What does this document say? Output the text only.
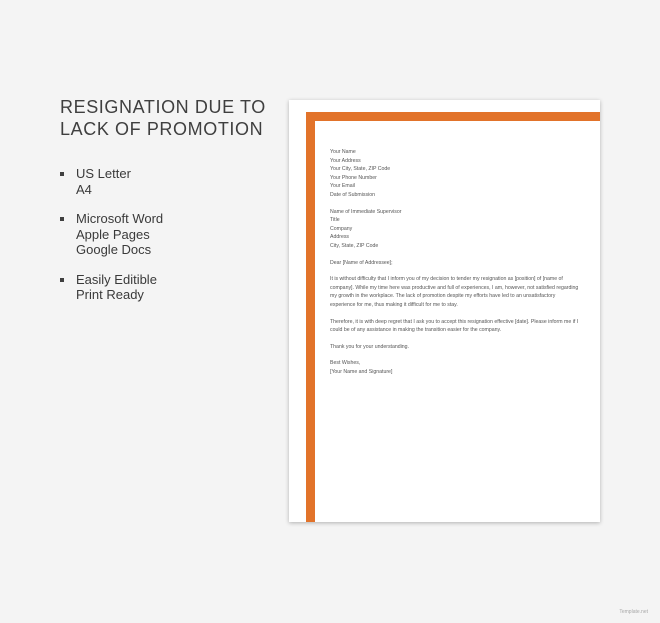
RESIGNATION DUE TO
LACK OF PROMOTION
US Letter
A4
Microsoft Word
Apple Pages
Google Docs
Easily Editible
Print Ready
Your Name
Your Address
Your City, State, ZIP Code
Your Phone Number
Your Email
Date of Submission
Name of Immediate Supervisor
Title
Company
Address
City, State, ZIP Code

Dear [Name of Addressee];

It is without difficulty that I inform you of my decision to tender my resignation as [position] of [name of company]. While my time here was productive and full of experiences, I am, however, not satisfied regarding my growth in the workplace. The lack of promotion despite my efforts have led to an unsatisfactory experience for me, thus making it difficult for me to stay.

Therefore, it is with deep regret that I ask you to accept this resignation effective [date]. Please inform me if I could be of any assistance in making the transition easier for the company.

Thank you for your understanding.

Best Wishes,
[Your Name and Signature]
Template.net
